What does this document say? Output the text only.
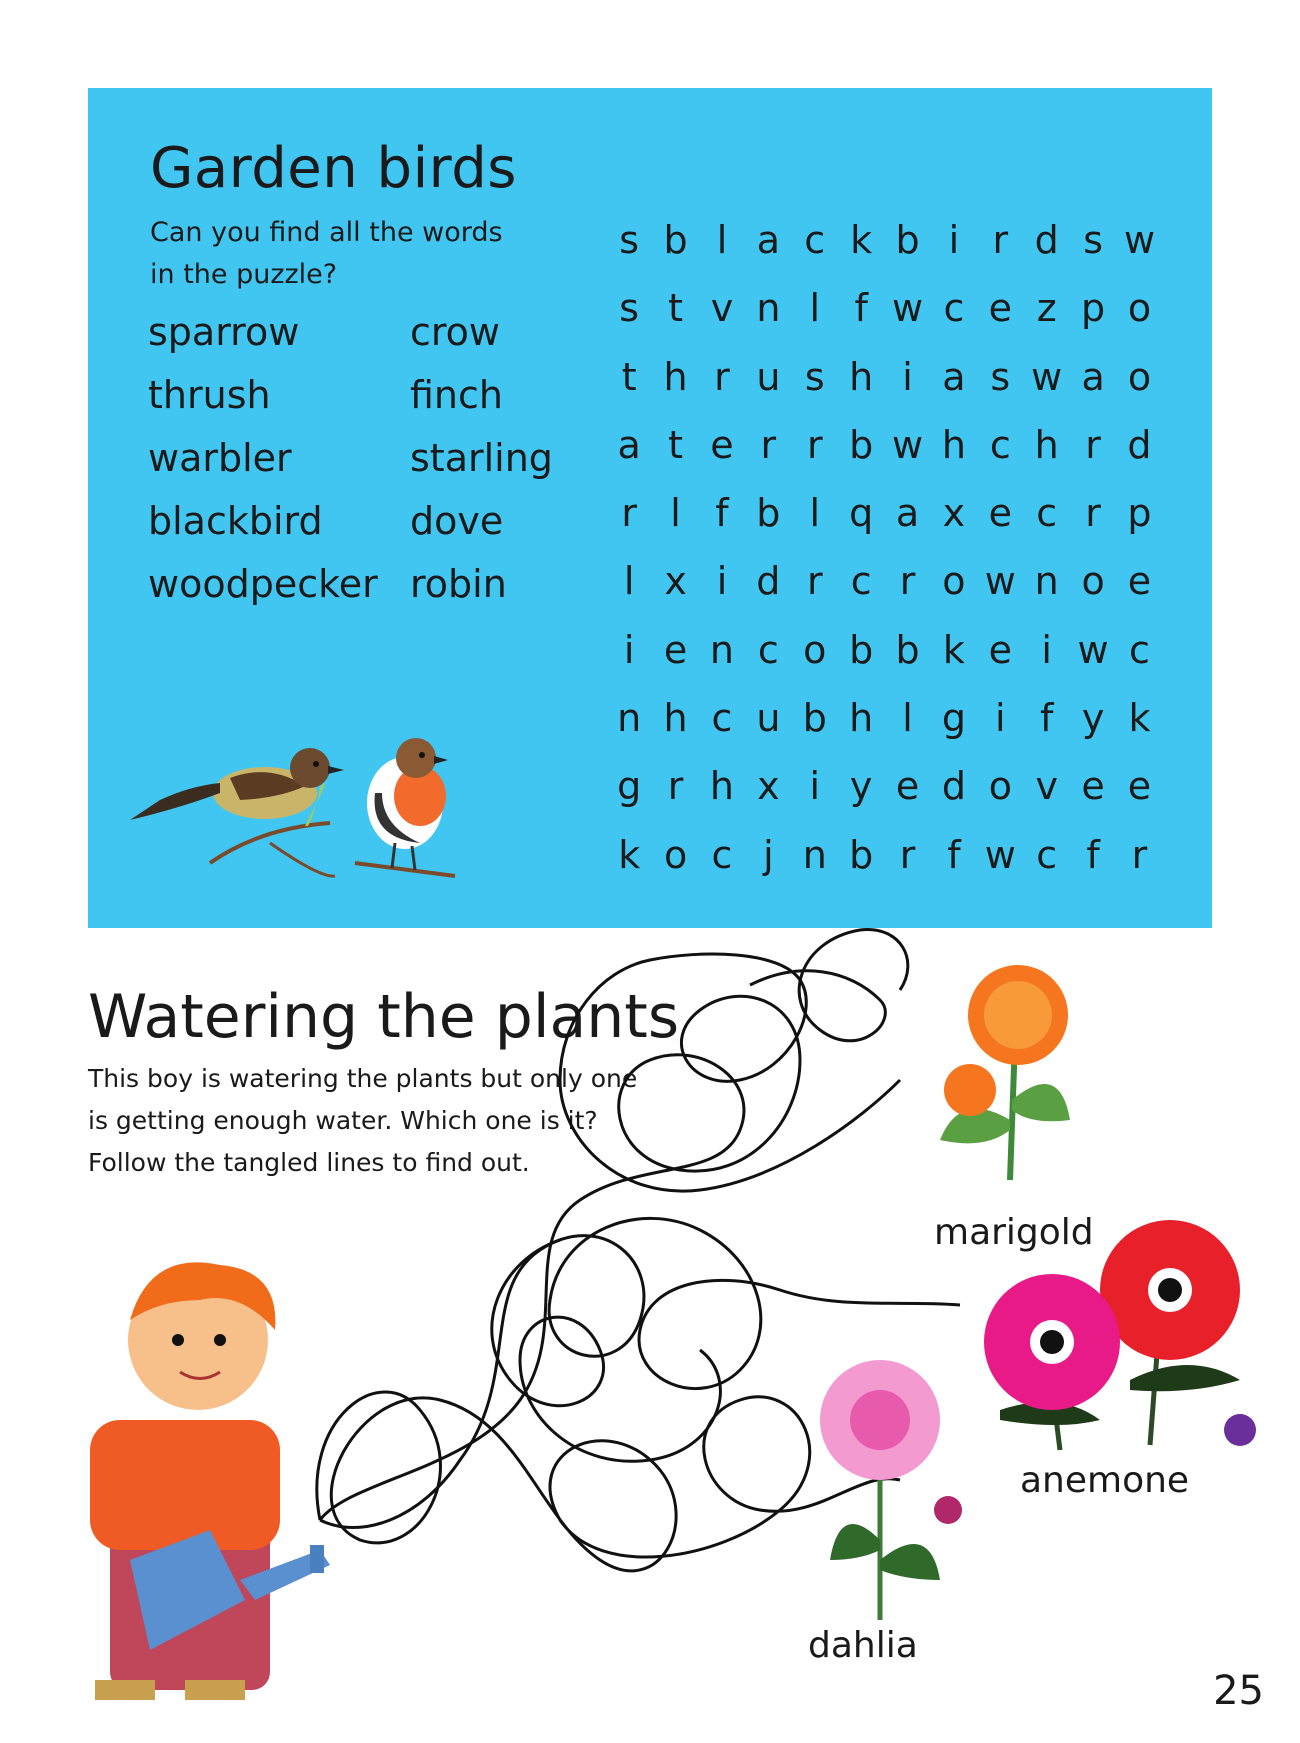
Garden birds
Can you find all the words in the puzzle?
sparrow	crow
thrush	finch
warbler	starling
blackbird	dove
woodpecker robin
s b l a c k b i r d s w
s t v n l f w c e z p o
t h r u s h i a s w a o
a t e r r b w h c h r d
r l f b l q a x e c r p
l x i d r c r o w n o e
i e n c o b b k e i w c
n h c u b h l g i f y k
g r h x i y e d o v e e
k o c j n b r f w c f r
Watering the plants
This boy is watering the plants but only one is getting enough water. Which one is it? Follow the tangled lines to find out.
marigold
anemone
dahlia
25
